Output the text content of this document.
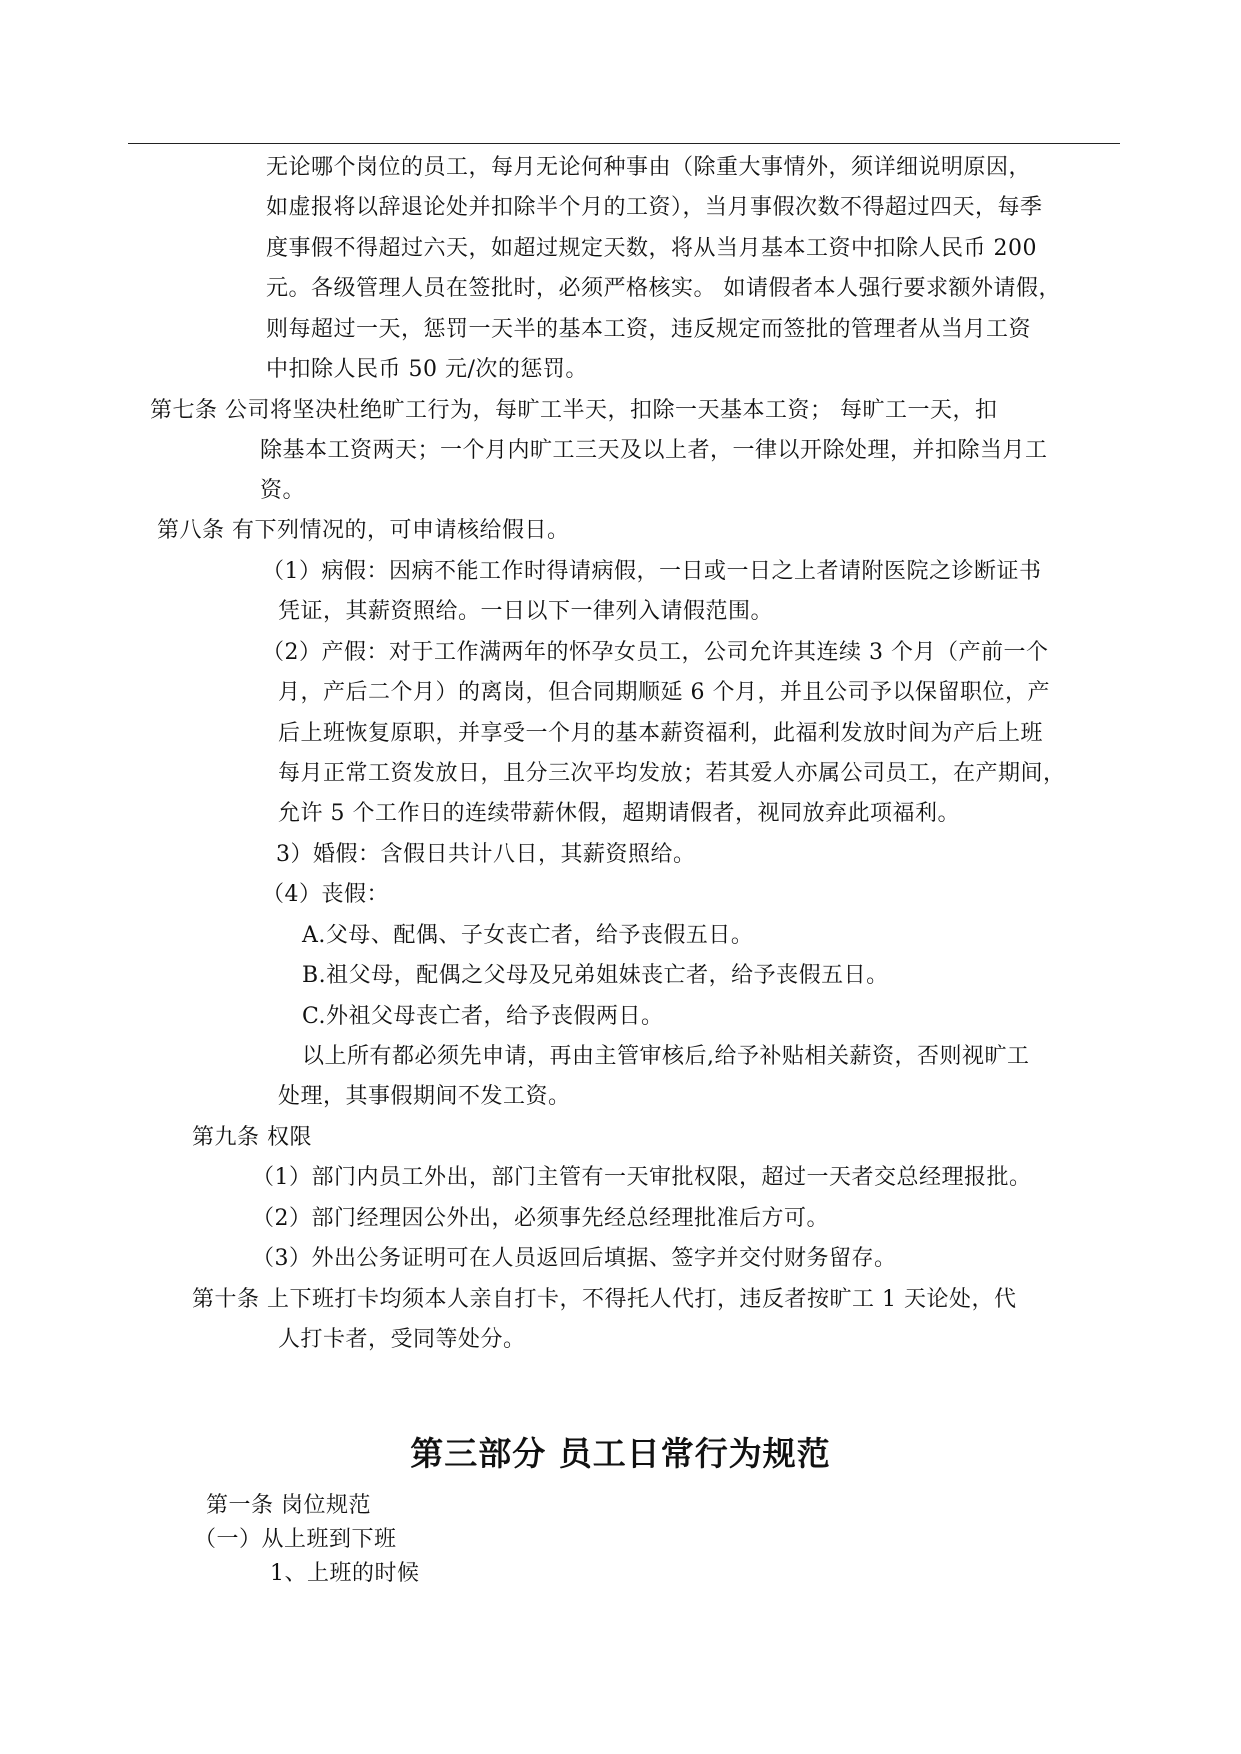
无论哪个岗位的员工，每月无论何种事由（除重大事情外，须详细说明原因，
如虚报将以辞退论处并扣除半个月的工资），当月事假次数不得超过四天，每季
度事假不得超过六天，如超过规定天数，将从当月基本工资中扣除人民币 200
元。各级管理人员在签批时，必须严格核实。 如请假者本人强行要求额外请假，
则每超过一天，惩罚一天半的基本工资，违反规定而签批的管理者从当月工资
中扣除人民币 50 元/次的惩罚。
第七条 公司将坚决杜绝旷工行为，每旷工半天，扣除一天基本工资； 每旷工一天，扣
除基本工资两天；一个月内旷工三天及以上者，一律以开除处理，并扣除当月工
资。
第八条 有下列情况的，可申请核给假日。
（1）病假：因病不能工作时得请病假，一日或一日之上者请附医院之诊断证书
凭证，其薪资照给。一日以下一律列入请假范围。
（2）产假：对于工作满两年的怀孕女员工，公司允许其连续 3 个月（产前一个
月，产后二个月）的离岗，但合同期顺延 6 个月，并且公司予以保留职位，产
后上班恢复原职，并享受一个月的基本薪资福利，此福利发放时间为产后上班
每月正常工资发放日，且分三次平均发放；若其爱人亦属公司员工，在产期间，
允许 5 个工作日的连续带薪休假，超期请假者，视同放弃此项福利。
3）婚假：含假日共计八日，其薪资照给。
（4）丧假：
A.父母、配偶、子女丧亡者，给予丧假五日。
B.祖父母，配偶之父母及兄弟姐妹丧亡者，给予丧假五日。
C.外祖父母丧亡者，给予丧假两日。
以上所有都必须先申请，再由主管审核后,给予补贴相关薪资，否则视旷工
处理，其事假期间不发工资。
第九条 权限
（1）部门内员工外出，部门主管有一天审批权限，超过一天者交总经理报批。
（2）部门经理因公外出，必须事先经总经理批准后方可。
（3）外出公务证明可在人员返回后填据、签字并交付财务留存。
第十条 上下班打卡均须本人亲自打卡，不得托人代打，违反者按旷工 1 天论处，代
人打卡者，受同等处分。
第三部分 员工日常行为规范
第一条 岗位规范
（一）从上班到下班
1、上班的时候
